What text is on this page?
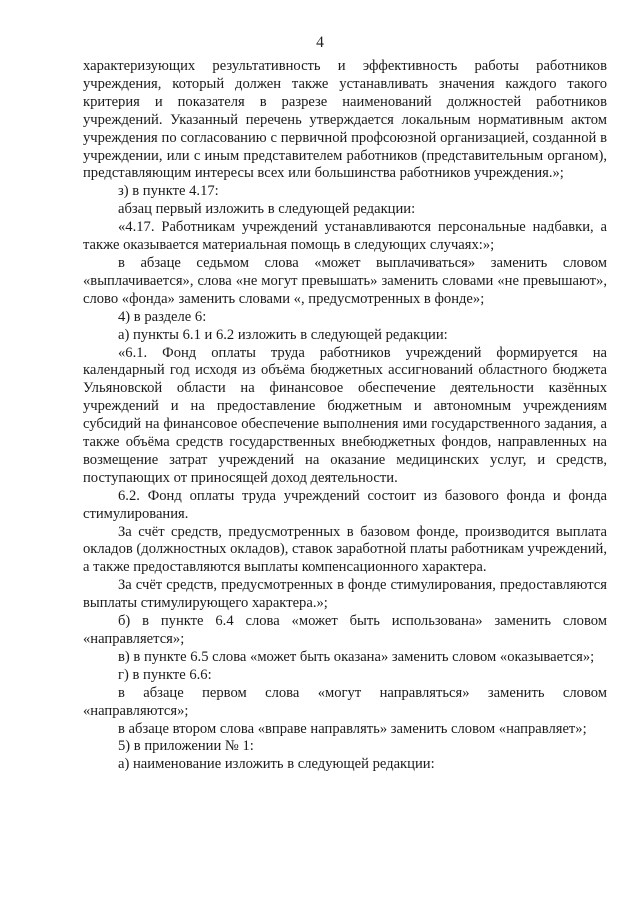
4

характеризующих результативность и эффективность работы работников учреждения, который должен также устанавливать значения каждого такого критерия и показателя в разрезе наименований должностей работников учреждений. Указанный перечень утверждается локальным нормативным актом учреждения по согласованию с первичной профсоюзной организацией, созданной в учреждении, или с иным представителем работников (представительным органом), представляющим интересы всех или большинства работников учреждения.»;

з) в пункте 4.17:

абзац первый изложить в следующей редакции:

«4.17. Работникам учреждений устанавливаются персональные надбавки, а также оказывается материальная помощь в следующих случаях:»;

в абзаце седьмом слова «может выплачиваться» заменить словом «выплачивается», слова «не могут превышать» заменить словами «не превышают», слово «фонда» заменить словами «, предусмотренных в фонде»;

4) в разделе 6:

а) пункты 6.1 и 6.2 изложить в следующей редакции:

«6.1. Фонд оплаты труда работников учреждений формируется на календарный год исходя из объёма бюджетных ассигнований областного бюджета Ульяновской области на финансовое обеспечение деятельности казённых учреждений и на предоставление бюджетным и автономным учреждениям субсидий на финансовое обеспечение выполнения ими государственного задания, а также объёма средств государственных внебюджетных фондов, направленных на возмещение затрат учреждений на оказание медицинских услуг, и средств, поступающих от приносящей доход деятельности.

6.2. Фонд оплаты труда учреждений состоит из базового фонда и фонда стимулирования.

За счёт средств, предусмотренных в базовом фонде, производится выплата окладов (должностных окладов), ставок заработной платы работникам учреждений, а также предоставляются выплаты компенсационного характера.

За счёт средств, предусмотренных в фонде стимулирования, предоставляются выплаты стимулирующего характера.»;

б) в пункте 6.4 слова «может быть использована» заменить словом «направляется»;

в) в пункте 6.5 слова «может быть оказана» заменить словом «оказывается»;

г) в пункте 6.6:

в абзаце первом слова «могут направляться» заменить словом «направляются»;

в абзаце втором слова «вправе направлять» заменить словом «направляет»;

5) в приложении № 1:

а) наименование изложить в следующей редакции:
